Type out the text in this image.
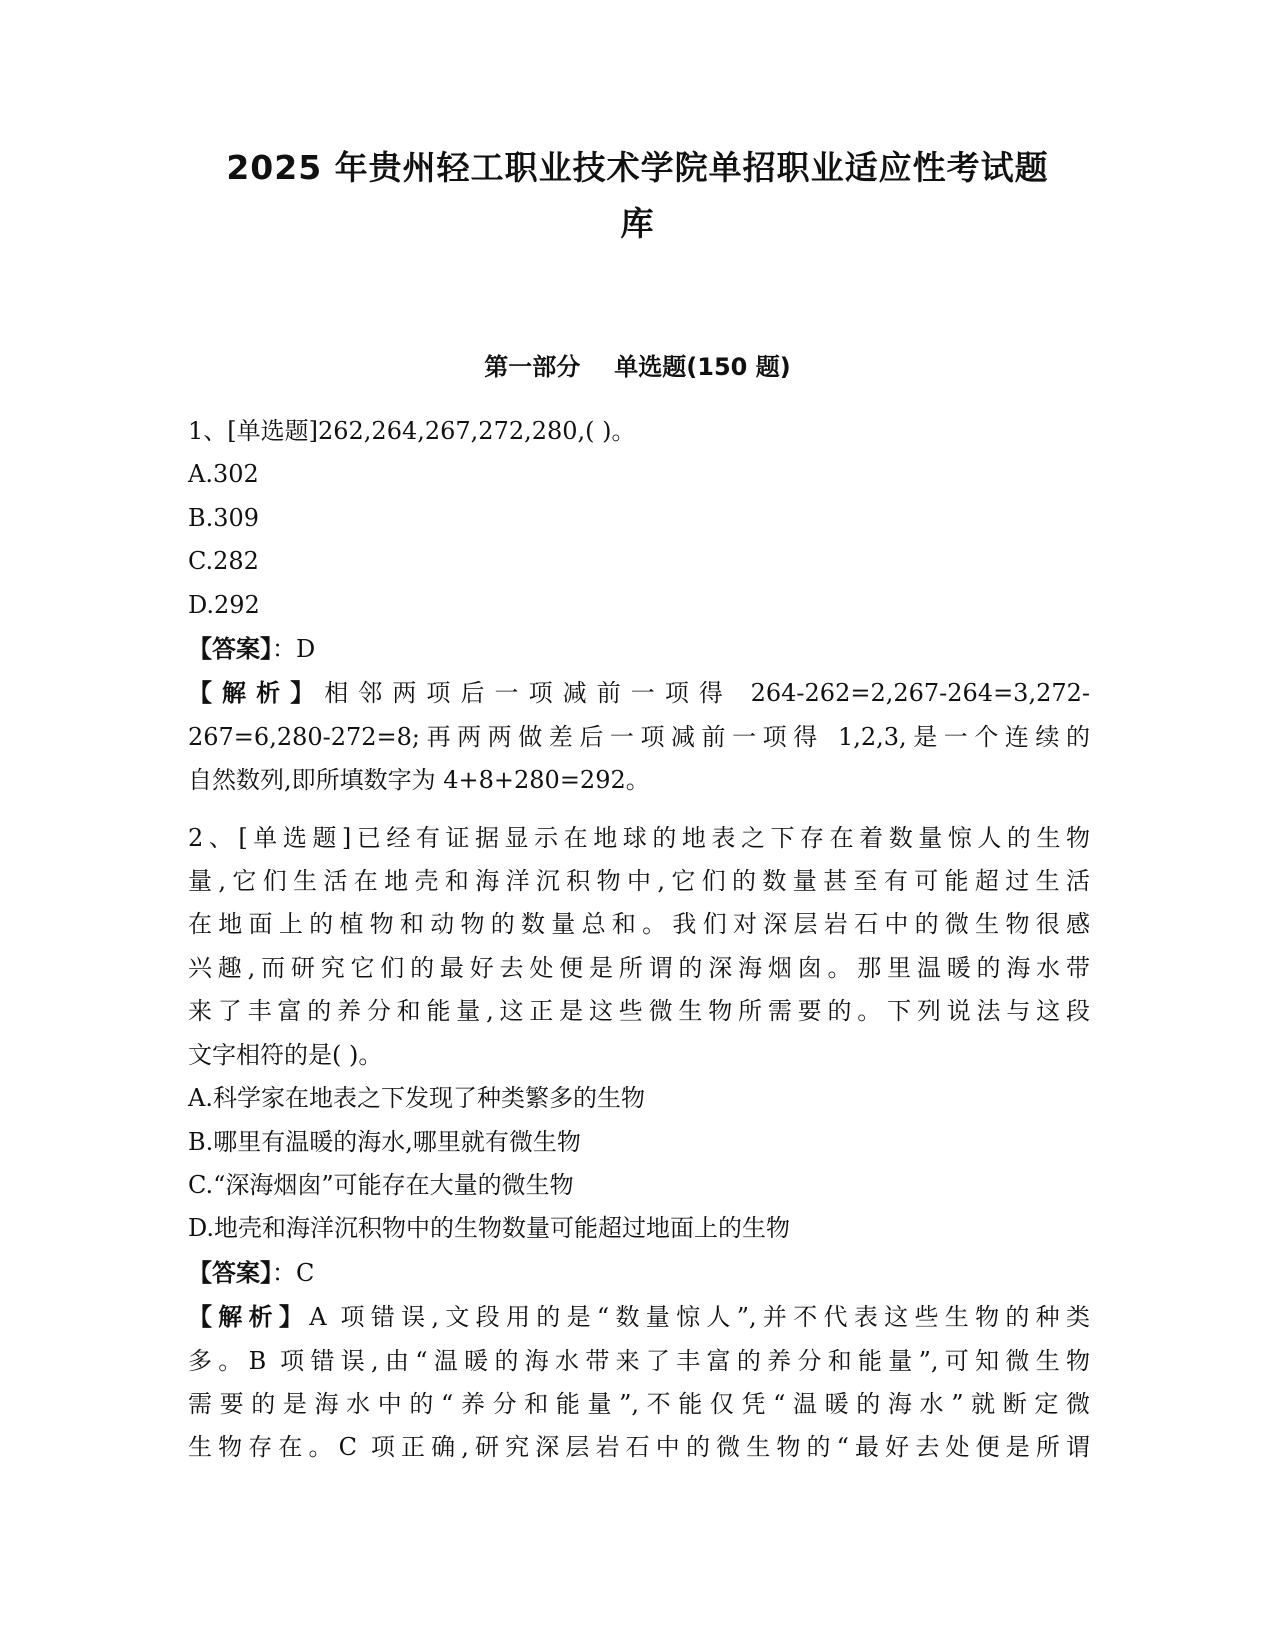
2025 年贵州轻工职业技术学院单招职业适应性考试题
库
第一部分 单选题(150 题)
1、[单选题]262,264,267,272,280,( )。
A.302
B.309
C.282
D.292
【答案】：D
【解析】相邻两项后一项减前一项得 264-262=2,267-264=3,272-
267=6,280-272=8;再两两做差后一项减前一项得 1,2,3,是一个连续的
自然数列,即所填数字为 4+8+280=292。
2、[单选题]已经有证据显示在地球的地表之下存在着数量惊人的生物
量,它们生活在地壳和海洋沉积物中,它们的数量甚至有可能超过生活
在地面上的植物和动物的数量总和。我们对深层岩石中的微生物很感
兴趣,而研究它们的最好去处便是所谓的深海烟囱。那里温暖的海水带
来了丰富的养分和能量,这正是这些微生物所需要的。下列说法与这段
文字相符的是( )。
A.科学家在地表之下发现了种类繁多的生物
B.哪里有温暖的海水,哪里就有微生物
C.“深海烟囱”可能存在大量的微生物
D.地壳和海洋沉积物中的生物数量可能超过地面上的生物
【答案】：C
【解析】A 项错误,文段用的是“数量惊人”,并不代表这些生物的种类
多。B 项错误,由“温暖的海水带来了丰富的养分和能量”,可知微生物
需要的是海水中的“养分和能量”,不能仅凭“温暖的海水”就断定微
生物存在。C 项正确,研究深层岩石中的微生物的“最好去处便是所谓
